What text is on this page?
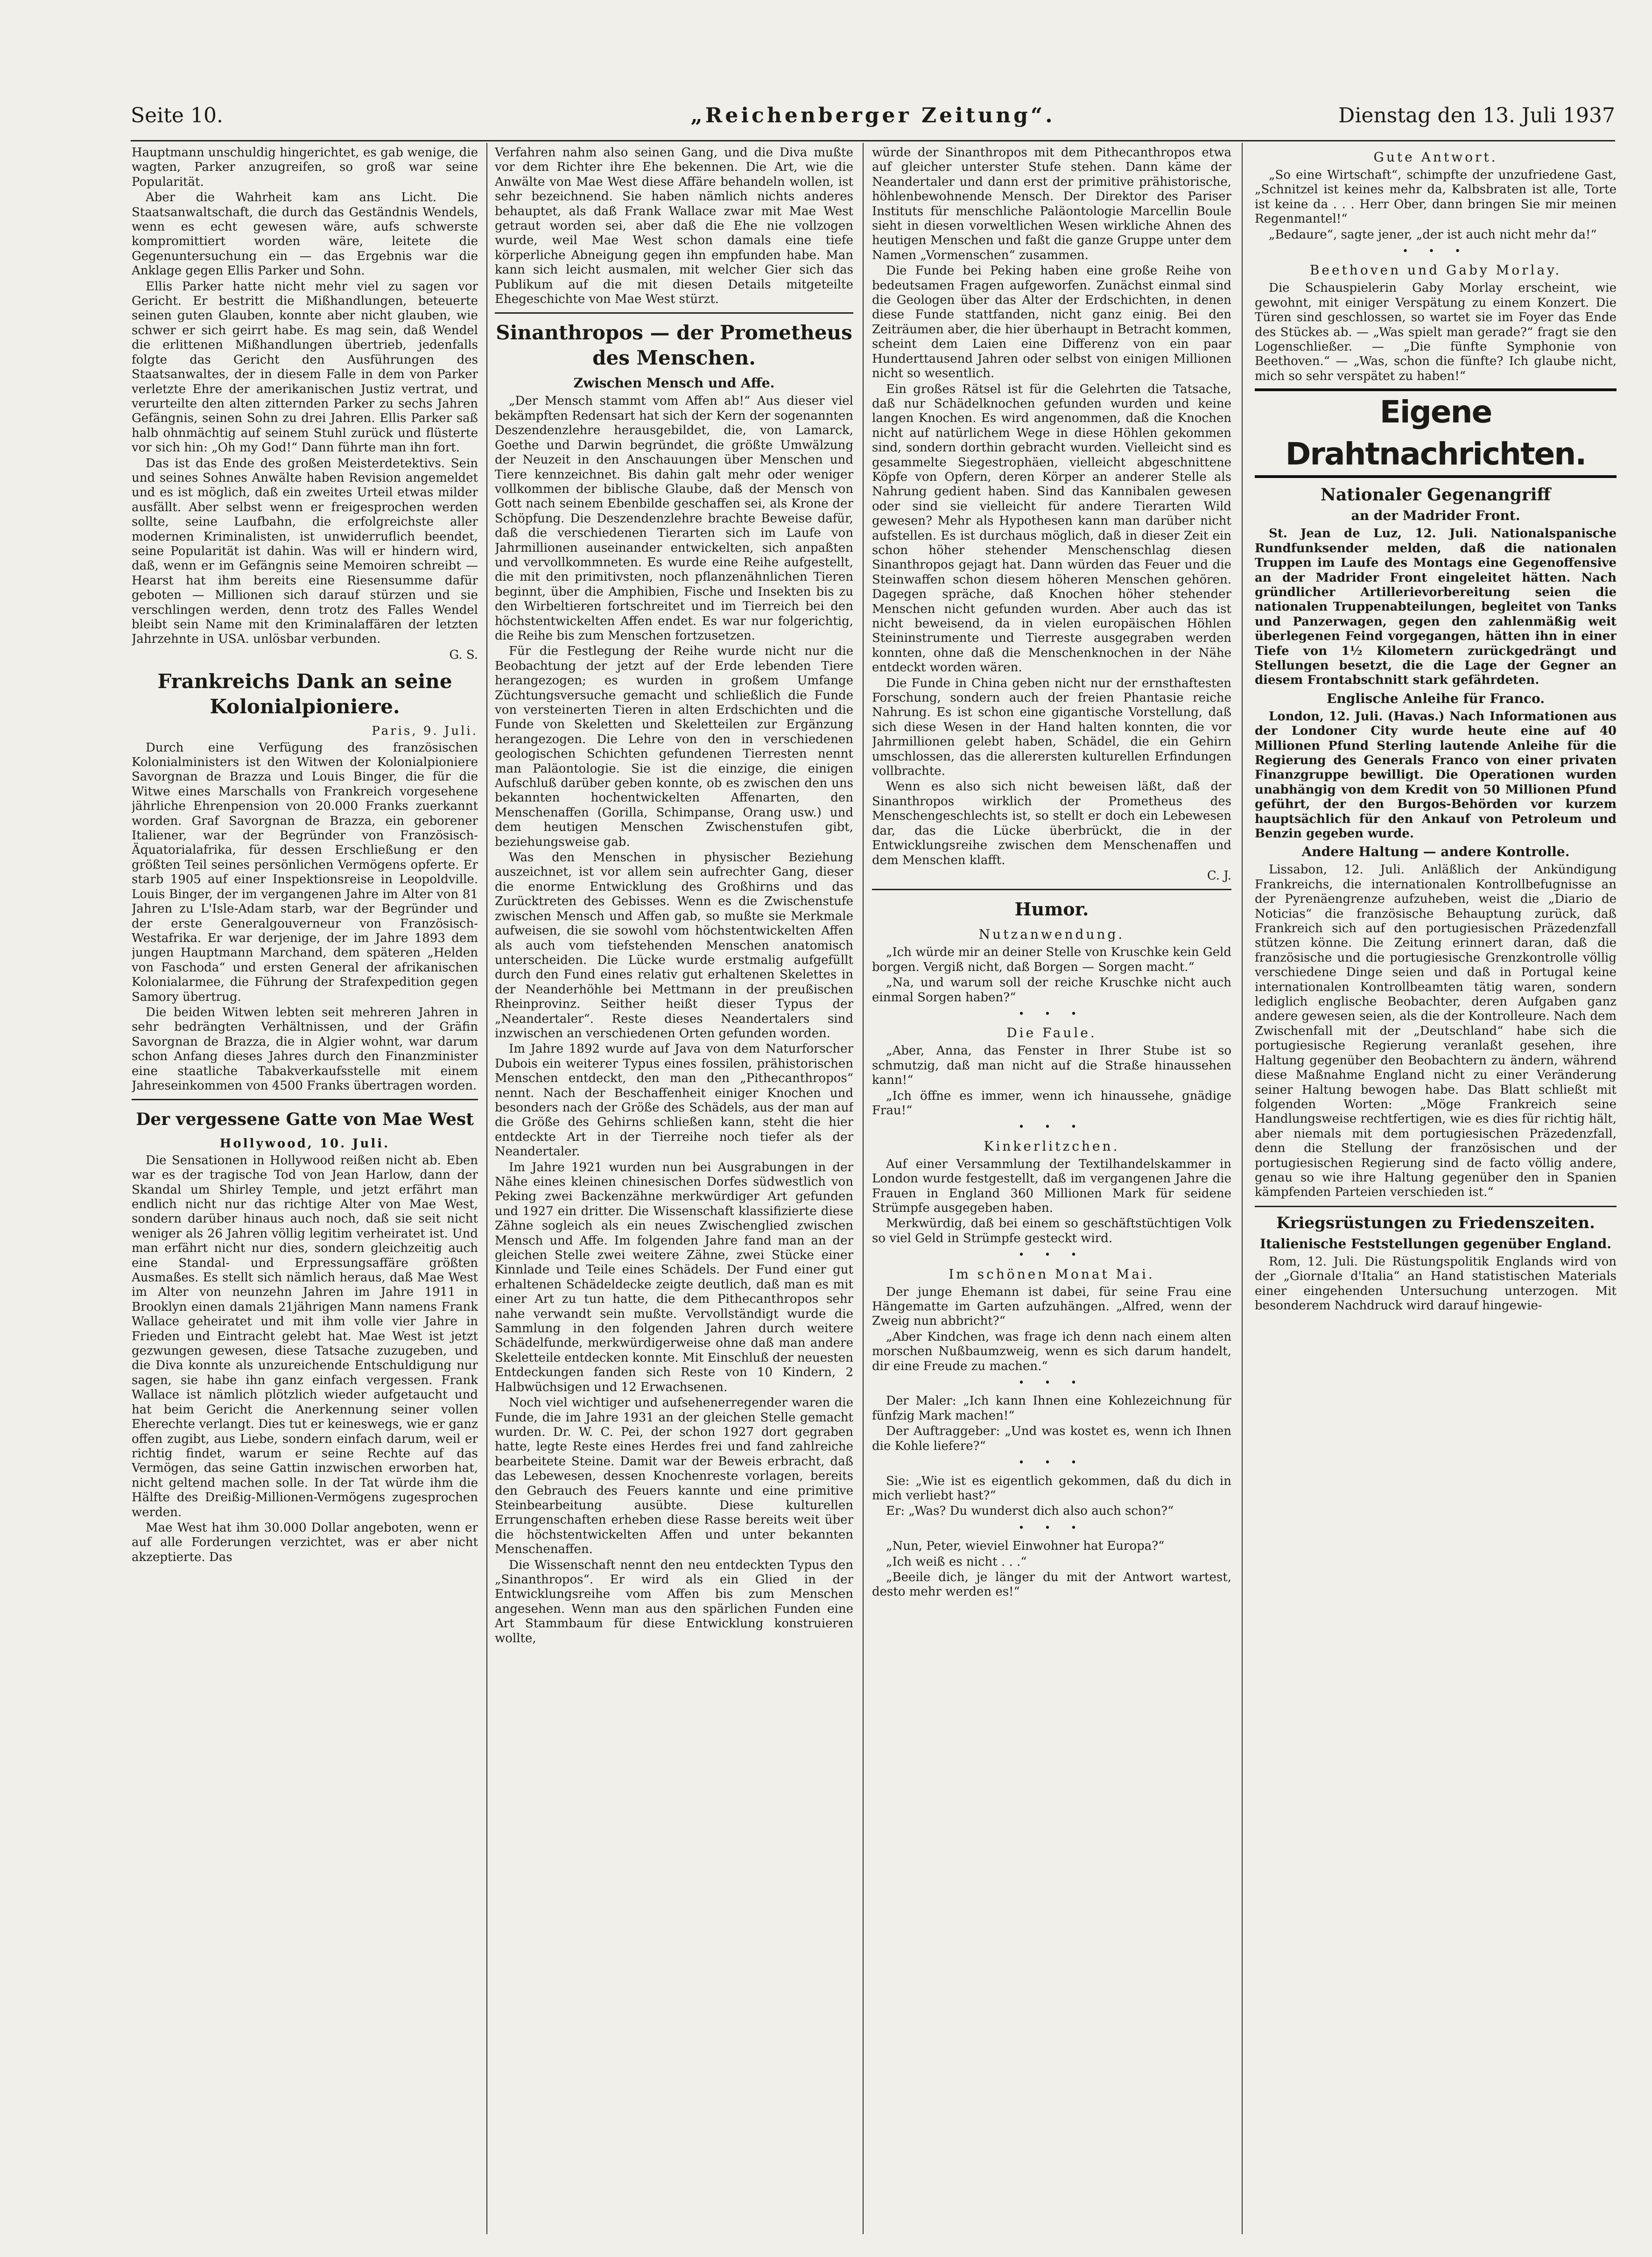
Seite 10.	„Reichenberger Zeitung“.	Dienstag den 13. Juli 1937

Hauptmann unschuldig hingerichtet, es gab wenige, die wagten, Parker anzugreifen, so groß war seine Popularität.

Aber die Wahrheit kam ans Licht. Die Staatsanwaltschaft, die durch das Geständnis Wendels, wenn es echt gewesen wäre, aufs schwerste kompromittiert worden wäre, leitete die Gegenuntersuchung ein — das Ergebnis war die Anklage gegen Ellis Parker und Sohn.

Ellis Parker hatte nicht mehr viel zu sagen vor Gericht. Er bestritt die Mißhandlungen, beteuerte seinen guten Glauben, konnte aber nicht glauben, wie schwer er sich geirrt habe. Es mag sein, daß Wendel die erlittenen Mißhandlungen übertrieb, jedenfalls folgte das Gericht den Ausführungen des Staatsanwaltes, der in diesem Falle in dem von Parker verletzte Ehre der amerikanischen Justiz vertrat, und verurteilte den alten zitternden Parker zu sechs Jahren Gefängnis, seinen Sohn zu drei Jahren. Ellis Parker saß halb ohnmächtig auf seinem Stuhl zurück und flüsterte vor sich hin: „Oh my God!“ Dann führte man ihn fort.

Das ist das Ende des großen Meisterdetektivs. Sein und seines Sohnes Anwälte haben Revision angemeldet und es ist möglich, daß ein zweites Urteil etwas milder ausfällt. Aber selbst wenn er freigesprochen werden sollte, seine Laufbahn, die erfolgreichste aller modernen Kriminalisten, ist unwiderruflich beendet, seine Popularität ist dahin. Was will er hindern wird, daß, wenn er im Gefängnis seine Memoiren schreibt — Hearst hat ihm bereits eine Riesensumme dafür geboten — Millionen sich darauf stürzen und sie verschlingen werden, denn trotz des Falles Wendel bleibt sein Name mit den Kriminalaffären der letzten Jahrzehnte in USA. unlösbar verbunden.

G. S.
Frankreichs Dank an seine Kolonialpioniere.
Paris, 9. Juli.

Durch eine Verfügung des französischen Kolonialministers ist den Witwen der Kolonialpioniere Savorgnan de Brazza und Louis Binger, die für die Witwe eines Marschalls von Frankreich vorgesehene jährliche Ehrenpension von 20.000 Franks zuerkannt worden. Graf Savorgnan de Brazza, ein geborener Italiener, war der Begründer von Französisch-Äquatorialafrika, für dessen Erschließung er den größten Teil seines persönlichen Vermögens opferte. Er starb 1905 auf einer Inspektionsreise in Leopoldville. Louis Binger, der im vergangenen Jahre im Alter von 81 Jahren zu L'Isle-Adam starb, war der Begründer und der erste Generalgouverneur von Französisch-Westafrika. Er war derjenige, der im Jahre 1893 dem jungen Hauptmann Marchand, dem späteren „Helden von Faschoda“ und ersten General der afrikanischen Kolonialarmee, die Führung der Strafexpedition gegen Samory übertrug.

Die beiden Witwen lebten seit mehreren Jahren in sehr bedrängten Verhältnissen, und der Gräfin Savorgnan de Brazza, die in Algier wohnt, war darum schon Anfang dieses Jahres durch den Finanzminister eine staatliche Tabakverkaufsstelle mit einem Jahreseinkommen von 4500 Franks übertragen worden.

Der vergessene Gatte von Mae West
Hollywood, 10. Juli.

Die Sensationen in Hollywood reißen nicht ab. Eben war es der tragische Tod von Jean Harlow, dann der Skandal um Shirley Temple, und jetzt erfährt man endlich nicht nur das richtige Alter von Mae West, sondern darüber hinaus auch noch, daß sie seit nicht weniger als 26 Jahren völlig legitim verheiratet ist. Und man erfährt nicht nur dies, sondern gleichzeitig auch eine Standal- und Erpressungsaffäre größten Ausmaßes. Es stellt sich nämlich heraus, daß Mae West im Alter von neunzehn Jahren im Jahre 1911 in Brooklyn einen damals 21jährigen Mann namens Frank Wallace geheiratet und mit ihm volle vier Jahre in Frieden und Eintracht gelebt hat. Mae West ist jetzt gezwungen gewesen, diese Tatsache zuzugeben, und die Diva konnte als unzureichende Entschuldigung nur sagen, sie habe ihn ganz einfach vergessen. Frank Wallace ist nämlich plötzlich wieder aufgetaucht und hat beim Gericht die Anerkennung seiner vollen Eherechte verlangt. Dies tut er keineswegs, wie er ganz offen zugibt, aus Liebe, sondern einfach darum, weil er richtig findet, warum er seine Rechte auf das Vermögen, das seine Gattin inzwischen erworben hat, nicht geltend machen solle. In der Tat würde ihm die Hälfte des Dreißig-Millionen-Vermögens zugesprochen werden.

Mae West hat ihm 30.000 Dollar angeboten, wenn er auf alle Forderungen verzichtet, was er aber nicht akzeptierte. Das

Verfahren nahm also seinen Gang, und die Diva mußte vor dem Richter ihre Ehe bekennen. Die Art, wie die Anwälte von Mae West diese Affäre behandeln wollen, ist sehr bezeichnend. Sie haben nämlich nichts anderes behauptet, als daß Frank Wallace zwar mit Mae West getraut worden sei, aber daß die Ehe nie vollzogen wurde, weil Mae West schon damals eine tiefe körperliche Abneigung gegen ihn empfunden habe. Man kann sich leicht ausmalen, mit welcher Gier sich das Publikum auf die mit diesen Details mitgeteilte Ehegeschichte von Mae West stürzt.

Sinanthropos — der Prometheus des Menschen.
Zwischen Mensch und Affe.

„Der Mensch stammt vom Affen ab!“ Aus dieser viel bekämpften Redensart hat sich der Kern der sogenannten Deszendenzlehre herausgebildet, die, von Lamarck, Goethe und Darwin begründet, die größte Umwälzung der Neuzeit in den Anschauungen über Menschen und Tiere kennzeichnet. Bis dahin galt mehr oder weniger vollkommen der biblische Glaube, daß der Mensch von Gott nach seinem Ebenbilde geschaffen sei, als Krone der Schöpfung. Die Deszendenzlehre brachte Beweise dafür, daß die verschiedenen Tierarten sich im Laufe von Jahrmillionen auseinander entwickelten, sich anpaßten und vervollkommneten. Es wurde eine Reihe aufgestellt, die mit den primitivsten, noch pflanzenähnlichen Tieren beginnt, über die Amphibien, Fische und Insekten bis zu den Wirbeltieren fortschreitet und im Tierreich bei den höchstentwickelten Affen endet. Es war nur folgerichtig, die Reihe bis zum Menschen fortzusetzen.

Für die Festlegung der Reihe wurde nicht nur die Beobachtung der jetzt auf der Erde lebenden Tiere herangezogen; es wurden in großem Umfange Züchtungsversuche gemacht und schließlich die Funde von versteinerten Tieren in alten Erdschichten und die Funde von Skeletten und Skeletteilen zur Ergänzung herangezogen. Die Lehre von den in verschiedenen geologischen Schichten gefundenen Tierresten nennt man Paläontologie. Sie ist die einzige, die einigen Aufschluß darüber geben konnte, ob es zwischen den uns bekannten hochentwickelten Affenarten, den Menschenaffen (Gorilla, Schimpanse, Orang usw.) und dem heutigen Menschen Zwischenstufen gibt, beziehungsweise gab.

Was den Menschen in physischer Beziehung auszeichnet, ist vor allem sein aufrechter Gang, dieser die enorme Entwicklung des Großhirns und das Zurücktreten des Gebisses. Wenn es die Zwischenstufe zwischen Mensch und Affen gab, so mußte sie Merkmale aufweisen, die sie sowohl vom höchstentwickelten Affen als auch vom tiefstehenden Menschen anatomisch unterscheiden. Die Lücke wurde erstmalig aufgefüllt durch den Fund eines relativ gut erhaltenen Skelettes in der Neanderhöhle bei Mettmann in der preußischen Rheinprovinz. Seither heißt dieser Typus der „Neandertaler“. Reste dieses Neandertalers sind inzwischen an verschiedenen Orten gefunden worden.

Im Jahre 1892 wurde auf Java von dem Naturforscher Dubois ein weiterer Typus eines fossilen, prähistorischen Menschen entdeckt, den man den „Pithecanthropos“ nennt. Nach der Beschaffenheit einiger Knochen und besonders nach der Größe des Schädels, aus der man auf die Größe des Gehirns schließen kann, steht die hier entdeckte Art in der Tierreihe noch tiefer als der Neandertaler.

Im Jahre 1921 wurden nun bei Ausgrabungen in der Nähe eines kleinen chinesischen Dorfes südwestlich von Peking zwei Backenzähne merkwürdiger Art gefunden und 1927 ein dritter. Die Wissenschaft klassifizierte diese Zähne sogleich als ein neues Zwischenglied zwischen Mensch und Affe. Im folgenden Jahre fand man an der gleichen Stelle zwei weitere Zähne, zwei Stücke einer Kinnlade und Teile eines Schädels. Der Fund einer gut erhaltenen Schädeldecke zeigte deutlich, daß man es mit einer Art zu tun hatte, die dem Pithecanthropos sehr nahe verwandt sein mußte. Vervollständigt wurde die Sammlung in den folgenden Jahren durch weitere Schädelfunde, merkwürdigerweise ohne daß man andere Skeletteile entdecken konnte. Mit Einschluß der neuesten Entdeckungen fanden sich Reste von 10 Kindern, 2 Halbwüchsigen und 12 Erwachsenen.

Noch viel wichtiger und aufsehenerregender waren die Funde, die im Jahre 1931 an der gleichen Stelle gemacht wurden. Dr. W. C. Pei, der schon 1927 dort gegraben hatte, legte Reste eines Herdes frei und fand zahlreiche bearbeitete Steine. Damit war der Beweis erbracht, daß das Lebewesen, dessen Knochenreste vorlagen, bereits den Gebrauch des Feuers kannte und eine primitive Steinbearbeitung ausübte. Diese kulturellen Errungenschaften erheben diese Rasse bereits weit über die höchstentwickelten Affen und unter bekannten Menschenaffen.

Die Wissenschaft nennt den neu entdeckten Typus den „Sinanthropos“. Er wird als ein Glied in der Entwicklungsreihe vom Affen bis zum Menschen angesehen. Wenn man aus den spärlichen Funden eine Art Stammbaum für diese Entwicklung konstruieren wollte,

würde der Sinanthropos mit dem Pithecanthropos etwa auf gleicher unterster Stufe stehen. Dann käme der Neandertaler und dann erst der primitive prähistorische, höhlenbewohnende Mensch. Der Direktor des Pariser Instituts für menschliche Paläontologie Marcellin Boule sieht in diesen vorweltlichen Wesen wirkliche Ahnen des heutigen Menschen und faßt die ganze Gruppe unter dem Namen „Vormenschen“ zusammen.

Die Funde bei Peking haben eine große Reihe von bedeutsamen Fragen aufgeworfen. Zunächst einmal sind die Geologen über das Alter der Erdschichten, in denen diese Funde stattfanden, nicht ganz einig. Bei den Zeiträumen aber, die hier überhaupt in Betracht kommen, scheint dem Laien eine Differenz von ein paar Hunderttausend Jahren oder selbst von einigen Millionen nicht so wesentlich.

Ein großes Rätsel ist für die Gelehrten die Tatsache, daß nur Schädelknochen gefunden wurden und keine langen Knochen. Es wird angenommen, daß die Knochen nicht auf natürlichem Wege in diese Höhlen gekommen sind, sondern dorthin gebracht wurden. Vielleicht sind es gesammelte Siegestrophäen, vielleicht abgeschnittene Köpfe von Opfern, deren Körper an anderer Stelle als Nahrung gedient haben. Sind das Kannibalen gewesen oder sind sie vielleicht für andere Tierarten Wild gewesen? Mehr als Hypothesen kann man darüber nicht aufstellen. Es ist durchaus möglich, daß in dieser Zeit ein schon höher stehender Menschenschlag diesen Sinanthropos gejagt hat. Dann würden das Feuer und die Steinwaffen schon diesem höheren Menschen gehören. Dagegen spräche, daß Knochen höher stehender Menschen nicht gefunden wurden. Aber auch das ist nicht beweisend, da in vielen europäischen Höhlen Steininstrumente und Tierreste ausgegraben werden konnten, ohne daß die Menschenknochen in der Nähe entdeckt worden wären.

Die Funde in China geben nicht nur der ernsthaftesten Forschung, sondern auch der freien Phantasie reiche Nahrung. Es ist schon eine gigantische Vorstellung, daß sich diese Wesen in der Hand halten konnten, die vor Jahrmillionen gelebt haben, Schädel, die ein Gehirn umschlossen, das die allerersten kulturellen Erfindungen vollbrachte.

Wenn es also sich nicht beweisen läßt, daß der Sinanthropos wirklich der Prometheus des Menschengeschlechts ist, so stellt er doch ein Lebewesen dar, das die Lücke überbrückt, die in der Entwicklungsreihe zwischen dem Menschenaffen und dem Menschen klafft.

C. J.
Humor.
Nutzanwendung.

„Ich würde mir an deiner Stelle von Kruschke kein Geld borgen. Vergiß nicht, daß Borgen — Sorgen macht.“

„Na, und warum soll der reiche Kruschke nicht auch einmal Sorgen haben?“

• • •
Die Faule.

„Aber, Anna, das Fenster in Ihrer Stube ist so schmutzig, daß man nicht auf die Straße hinaussehen kann!“

„Ich öffne es immer, wenn ich hinaussehe, gnädige Frau!“

• • •
Kinkerlitzchen.

Auf einer Versammlung der Textilhandelskammer in London wurde festgestellt, daß im vergangenen Jahre die Frauen in England 360 Millionen Mark für seidene Strümpfe ausgegeben haben.

Merkwürdig, daß bei einem so geschäftstüchtigen Volk so viel Geld in Strümpfe gesteckt wird.

• • •
Im schönen Monat Mai.

Der junge Ehemann ist dabei, für seine Frau eine Hängematte im Garten aufzuhängen. „Alfred, wenn der Zweig nun abbricht?“

„Aber Kindchen, was frage ich denn nach einem alten morschen Nußbaumzweig, wenn es sich darum handelt, dir eine Freude zu machen.“

• • •

Der Maler: „Ich kann Ihnen eine Kohlezeichnung für fünfzig Mark machen!“

Der Auftraggeber: „Und was kostet es, wenn ich Ihnen die Kohle liefere?“

• • •

Sie: „Wie ist es eigentlich gekommen, daß du dich in mich verliebt hast?“

Er: „Was? Du wunderst dich also auch schon?“

• • •

„Nun, Peter, wieviel Einwohner hat Europa?“

„Ich weiß es nicht . . .“

„Beeile dich, je länger du mit der Antwort wartest, desto mehr werden es!“

Gute Antwort.

„So eine Wirtschaft“, schimpfte der unzufriedene Gast, „Schnitzel ist keines mehr da, Kalbsbraten ist alle, Torte ist keine da . . . Herr Ober, dann bringen Sie mir meinen Regenmantel!“

„Bedaure“, sagte jener, „der ist auch nicht mehr da!“

• • •
Beethoven und Gaby Morlay.

Die Schauspielerin Gaby Morlay erscheint, wie gewohnt, mit einiger Verspätung zu einem Konzert. Die Türen sind geschlossen, so wartet sie im Foyer das Ende des Stückes ab. — „Was spielt man gerade?“ fragt sie den Logenschließer. — „Die fünfte Symphonie von Beethoven.“ — „Was, schon die fünfte? Ich glaube nicht, mich so sehr verspätet zu haben!“

Eigene Drahtnachrichten.
Nationaler Gegenangriff
an der Madrider Front.

St. Jean de Luz, 12. Juli. Nationalspanische Rundfunksender melden, daß die nationalen Truppen im Laufe des Montags eine Gegenoffensive an der Madrider Front eingeleitet hätten. Nach gründlicher Artillerievorbereitung seien die nationalen Truppenabteilungen, begleitet von Tanks und Panzerwagen, gegen den zahlenmäßig weit überlegenen Feind vorgegangen, hätten ihn in einer Tiefe von 1½ Kilometern zurückgedrängt und Stellungen besetzt, die die Lage der Gegner an diesem Frontabschnitt stark gefährdeten.

Englische Anleihe für Franco.

London, 12. Juli. (Havas.) Nach Informationen aus der Londoner City wurde heute eine auf 40 Millionen Pfund Sterling lautende Anleihe für die Regierung des Generals Franco von einer privaten Finanzgruppe bewilligt. Die Operationen wurden unabhängig von dem Kredit von 50 Millionen Pfund geführt, der den Burgos-Behörden vor kurzem hauptsächlich für den Ankauf von Petroleum und Benzin gegeben wurde.

Andere Haltung — andere Kontrolle.

Lissabon, 12. Juli. Anläßlich der Ankündigung Frankreichs, die internationalen Kontrollbefugnisse an der Pyrenäengrenze aufzuheben, weist die „Diario de Noticias“ die französische Behauptung zurück, daß Frankreich sich auf den portugiesischen Präzedenzfall stützen könne. Die Zeitung erinnert daran, daß die französische und die portugiesische Grenzkontrolle völlig verschiedene Dinge seien und daß in Portugal keine internationalen Kontrollbeamten tätig waren, sondern lediglich englische Beobachter, deren Aufgaben ganz andere gewesen seien, als die der Kontrolleure. Nach dem Zwischenfall mit der „Deutschland“ habe sich die portugiesische Regierung veranlaßt gesehen, ihre Haltung gegenüber den Beobachtern zu ändern, während diese Maßnahme England nicht zu einer Veränderung seiner Haltung bewogen habe. Das Blatt schließt mit folgenden Worten: „Möge Frankreich seine Handlungsweise rechtfertigen, wie es dies für richtig hält, aber niemals mit dem portugiesischen Präzedenzfall, denn die Stellung der französischen und der portugiesischen Regierung sind de facto völlig andere, genau so wie ihre Haltung gegenüber den in Spanien kämpfenden Parteien verschieden ist.“

Kriegsrüstungen zu Friedenszeiten.
Italienische Feststellungen gegenüber England.

Rom, 12. Juli. Die Rüstungspolitik Englands wird von der „Giornale d'Italia“ an Hand statistischen Materials einer eingehenden Untersuchung unterzogen. Mit besonderem Nachdruck wird darauf hingewie-
